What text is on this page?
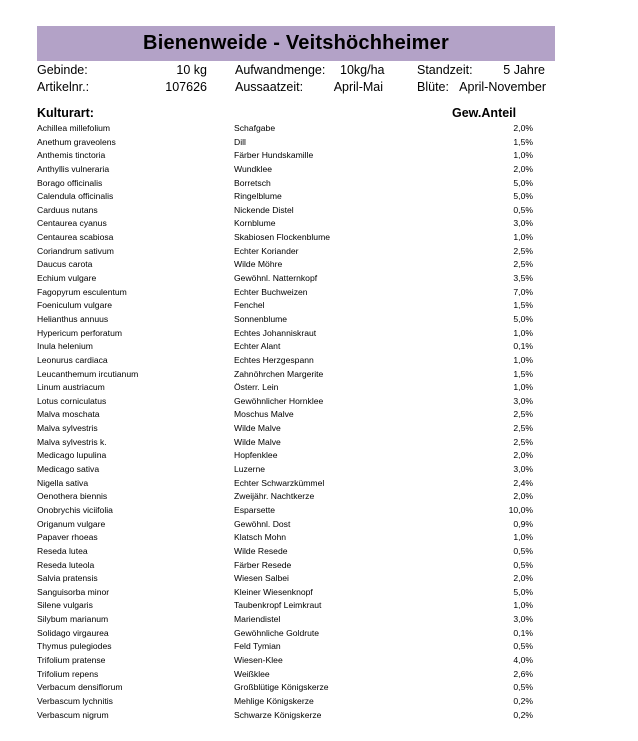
Bienenweide - Veitshöchheimer
Gebinde:	10 kg Aufwandmenge: 10kg/ha	Standzeit:	5 Jahre
Artikelnr.:	107626 Aussaatzeit:	April-Mai	Blüte: April-November
Kulturart:	Gew.Anteil
Achillea millefolium	Schafgabe	2,0%
Anethum graveolens	Dill	1,5%
Anthemis tinctoria	Färber Hundskamille	1,0%
Anthyllis vulneraria	Wundklee	2,0%
Borago officinalis	Borretsch	5,0%
Calendula officinalis	Ringelblume	5,0%
Carduus nutans	Nickende Distel	0,5%
Centaurea cyanus	Kornblume	3,0%
Centaurea scabiosa	Skabiosen Flockenblume	1,0%
Coriandrum sativum	Echter Koriander	2,5%
Daucus carota	Wilde Möhre	2,5%
Echium vulgare	Gewöhnl. Natternkopf	3,5%
Fagopyrum esculentum	Echter Buchweizen	7,0%
Foeniculum vulgare	Fenchel	1,5%
Helianthus annuus	Sonnenblume	5,0%
Hypericum perforatum	Echtes Johanniskraut	1,0%
Inula helenium	Echter Alant	0,1%
Leonurus cardiaca	Echtes Herzgespann	1,0%
Leucanthemum ircutianum	Zahnöhrchen Margerite	1,5%
Linum austriacum	Österr. Lein	1,0%
Lotus corniculatus	Gewöhnlicher Hornklee	3,0%
Malva moschata	Moschus Malve	2,5%
Malva sylvestris	Wilde Malve	2,5%
Malva sylvestris k.	Wilde Malve	2,5%
Medicago lupulina	Hopfenklee	2,0%
Medicago sativa	Luzerne	3,0%
Nigella sativa	Echter Schwarzkümmel	2,4%
Oenothera biennis	Zweijähr. Nachtkerze	2,0%
Onobrychis viciifolia	Esparsette	10,0%
Origanum vulgare	Gewöhnl. Dost	0,9%
Papaver rhoeas	Klatsch Mohn	1,0%
Reseda lutea	Wilde Resede	0,5%
Reseda luteola	Färber Resede	0,5%
Salvia pratensis	Wiesen Salbei	2,0%
Sanguisorba minor	Kleiner Wiesenknopf	5,0%
Silene vulgaris	Taubenkropf Leimkraut	1,0%
Silybum marianum	Mariendistel	3,0%
Solidago virgaurea	Gewöhnliche Goldrute	0,1%
Thymus pulegiodes	Feld Tymian	0,5%
Trifolium pratense	Wiesen-Klee	4,0%
Trifolium repens	Weißklee	2,6%
Verbacum densiflorum	Großblütige Königskerze	0,5%
Verbascum lychnitis	Mehlige Königskerze	0,2%
Verbascum nigrum	Schwarze Königskerze	0,2%
